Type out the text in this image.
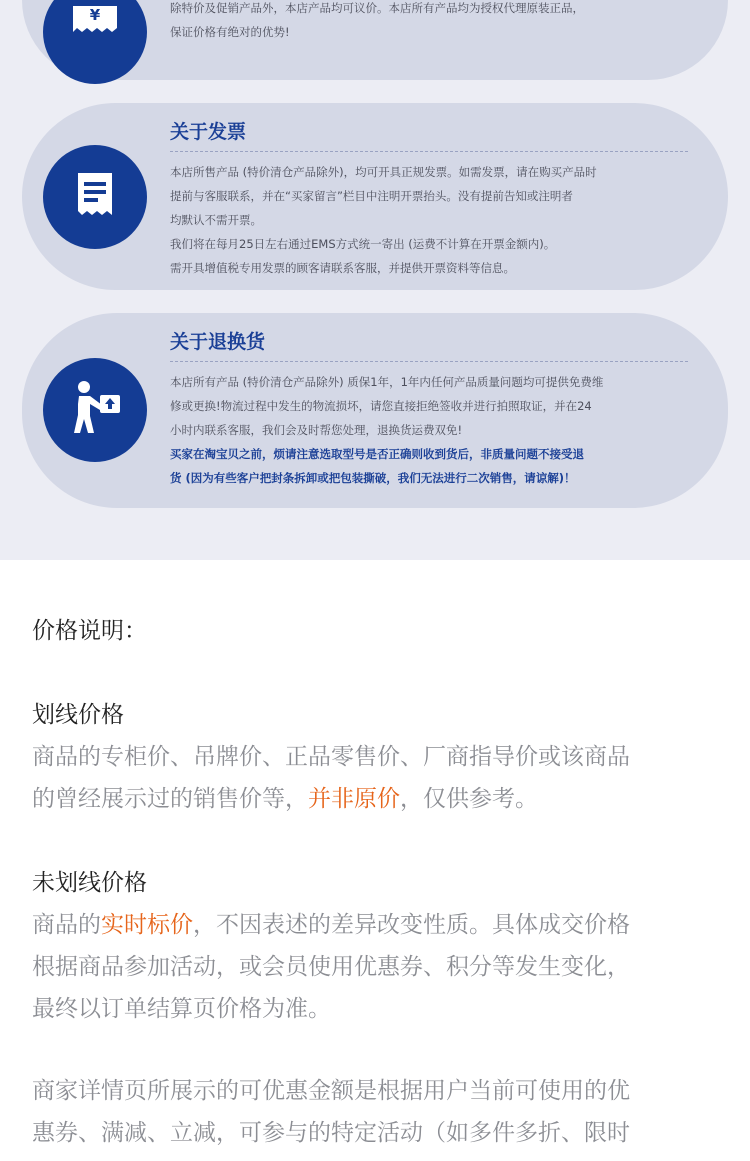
¥	除特价及促销产品外，本店产品均可议价。本店所有产品均为授权代理原装正品，
保证价格有绝对的优势!
关于发票
本店所售产品 (特价清仓产品除外)，均可开具正规发票。如需发票，请在购买产品时
提前与客服联系，并在“买家留言”栏目中注明开票抬头。没有提前告知或注明者
均默认不需开票。
我们将在每月25日左右通过EMS方式统一寄出 (运费不计算在开票金额内)。
需开具增值税专用发票的顾客请联系客服，并提供开票资料等信息。
关于退换货
本店所有产品 (特价清仓产品除外) 质保1年，1年内任何产品质量问题均可提供免费维
修或更换!物流过程中发生的物流损坏，请您直接拒绝签收并进行拍照取证，并在24
小时内联系客服，我们会及时帮您处理，退换货运费双免!
买家在淘宝贝之前，烦请注意选取型号是否正确则收到货后，非质量问题不接受退
货 (因为有些客户把封条拆卸或把包装撕破，我们无法进行二次销售，请谅解)！
价格说明：
划线价格
商品的专柜价、吊牌价、正品零售价、厂商指导价或该商品
的曾经展示过的销售价等，并非原价，仅供参考。
未划线价格
商品的实时标价，不因表述的差异改变性质。具体成交价格
根据商品参加活动，或会员使用优惠券、积分等发生变化，
最终以订单结算页价格为准。
商家详情页所展示的可优惠金额是根据用户当前可使用的优
惠券、满减、立减，可参与的特定活动（如多件多折、限时
